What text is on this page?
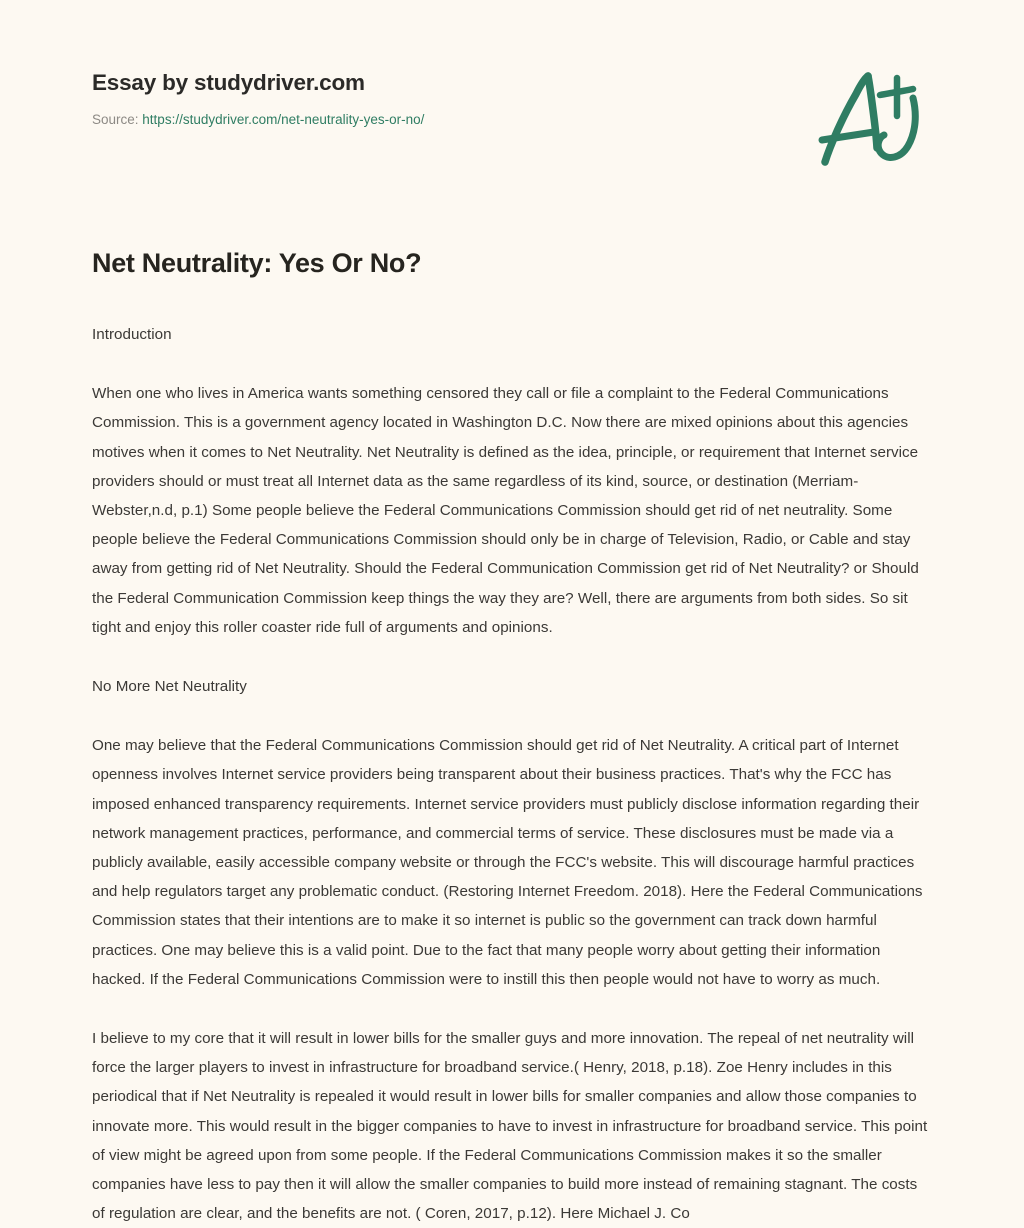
Essay by studydriver.com
Source: https://studydriver.com/net-neutrality-yes-or-no/
Net Neutrality: Yes Or No?

Introduction

When one who lives in America wants something censored they call or file a complaint to the Federal Communications Commission. This is a government agency located in Washington D.C. Now there are mixed opinions about this agencies motives when it comes to Net Neutrality. Net Neutrality is defined as the idea, principle, or requirement that Internet service providers should or must treat all Internet data as the same regardless of its kind, source, or destination (Merriam-Webster,n.d, p.1) Some people believe the Federal Communications Commission should get rid of net neutrality. Some people believe the Federal Communications Commission should only be in charge of Television, Radio, or Cable and stay away from getting rid of Net Neutrality. Should the Federal Communication Commission get rid of Net Neutrality? or Should the Federal Communication Commission keep things the way they are? Well, there are arguments from both sides. So sit tight and enjoy this roller coaster ride full of arguments and opinions.

No More Net Neutrality

One may believe that the Federal Communications Commission should get rid of Net Neutrality. A critical part of Internet openness involves Internet service providers being transparent about their business practices. That's why the FCC has imposed enhanced transparency requirements. Internet service providers must publicly disclose information regarding their network management practices, performance, and commercial terms of service. These disclosures must be made via a publicly available, easily accessible company website or through the FCC's website. This will discourage harmful practices and help regulators target any problematic conduct. (Restoring Internet Freedom. 2018). Here the Federal Communications Commission states that their intentions are to make it so internet is public so the government can track down harmful practices. One may believe this is a valid point. Due to the fact that many people worry about getting their information hacked. If the Federal Communications Commission were to instill this then people would not have to worry as much.

I believe to my core that it will result in lower bills for the smaller guys and more innovation. The repeal of net neutrality will force the larger players to invest in infrastructure for broadband service.( Henry, 2018, p.18). Zoe Henry includes in this periodical that if Net Neutrality is repealed it would result in lower bills for smaller companies and allow those companies to innovate more. This would result in the bigger companies to have to invest in infrastructure for broadband service. This point of view might be agreed upon from some people. If the Federal Communications Commission makes it so the smaller companies have less to pay then it will allow the smaller companies to build more instead of remaining stagnant. The costs of regulation are clear, and the benefits are not. ( Coren, 2017, p.12). Here Michael J. Co
